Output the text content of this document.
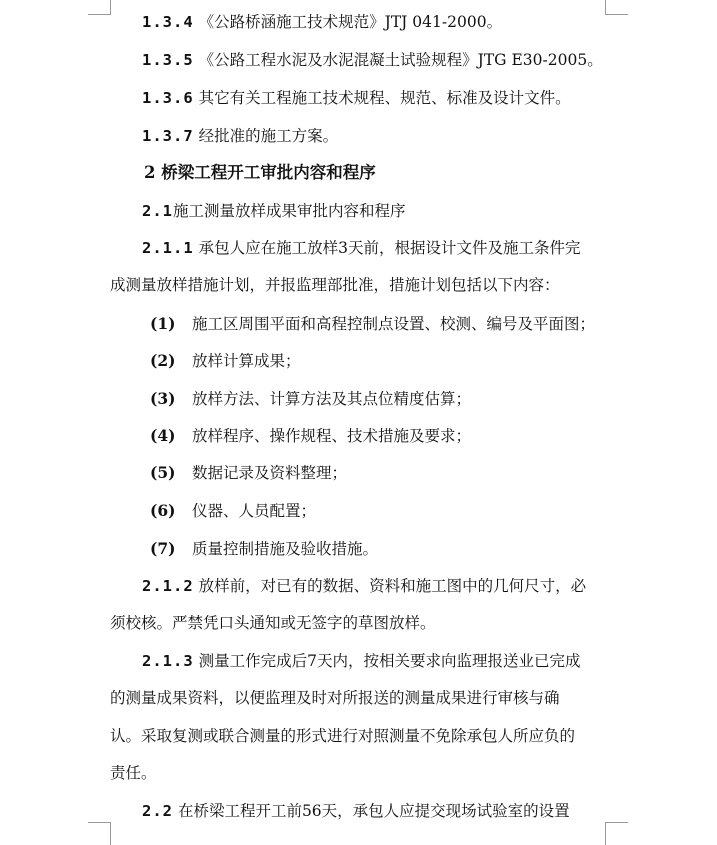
1.3.4 《公路桥涵施工技术规范》JTJ 041-2000。
1.3.5 《公路工程水泥及水泥混凝土试验规程》JTG E30-2005。
1.3.6 其它有关工程施工技术规程、规范、标准及设计文件。
1.3.7 经批准的施工方案。
2 桥梁工程开工审批内容和程序
2.1施工测量放样成果审批内容和程序
2.1.1 承包人应在施工放样3天前，根据设计文件及施工条件完
成测量放样措施计划，并报监理部批准，措施计划包括以下内容：
(1) 施工区周围平面和高程控制点设置、校测、编号及平面图；
(2) 放样计算成果；
(3) 放样方法、计算方法及其点位精度估算；
(4) 放样程序、操作规程、技术措施及要求；
(5) 数据记录及资料整理；
(6) 仪器、人员配置；
(7) 质量控制措施及验收措施。
2.1.2 放样前，对已有的数据、资料和施工图中的几何尺寸，必
须校核。严禁凭口头通知或无签字的草图放样。
2.1.3 测量工作完成后7天内，按相关要求向监理报送业已完成
的测量成果资料，以便监理及时对所报送的测量成果进行审核与确
认。采取复测或联合测量的形式进行对照测量不免除承包人所应负的
责任。
2.2 在桥梁工程开工前56天，承包人应提交现场试验室的设置
